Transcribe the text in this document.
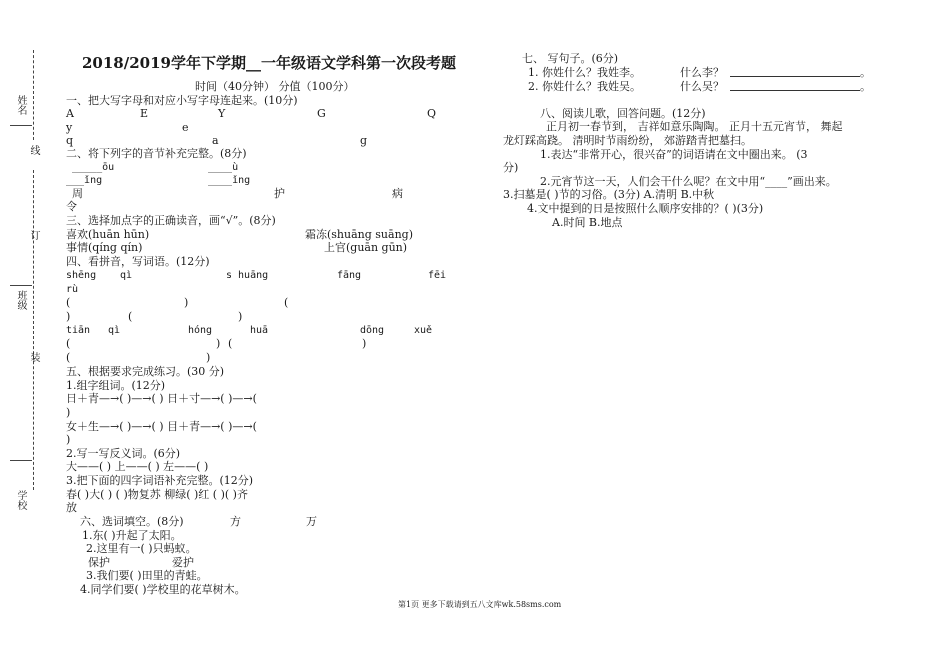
姓名
线
订
班级
装
学校
2018/2019学年下学期__一年级语文学科第一次段考题
时间（40分钟） 分值（100分）
一、把大写字母和对应小写字母连起来。(10分)
A	E	Y	G	Q
y	e
q	a	g
二、将下列字的音节补充完整。(8分)
_____ōu	____ù
___ǐng	____ǐng
周	护	病
令
三、选择加点字的正确读音，画“√”。(8分)
喜欢(huān hūn)	霜冻(shuāng suāng)
事情(qíng qín)	上官(guān gūn)
四、看拼音，写词语。(12分)
shēng qì	s huāng	fāng	fēi
rù
(	)	(
)	(	)
tiān qì	hóng	huā	dōng	xuě
(	) (	)
(	)
五、根据要求完成练习。(30 分)
1.组字组词。(12分)
日＋青—→( )—→( ) 日＋寸—→( )—→(
)
女＋生—→( )—→( ) 目＋青—→( )—→(
)
2.写一写反义词。(6分)
大——( ) 上——( ) 左——( )
3.把下面的四字词语补充完整。(12分)
春( )大( ) ( )物复苏 柳绿( )红 ( )( )齐
放
六、选词填空。(8分)	方	万
1.东( )升起了太阳。
2.这里有一( )只蚂蚁。
保护	爱护
3.我们要( )田里的青蛙。
4.同学们要( )学校里的花草树木。
七、 写句子。(6分)
1. 你姓什么？我姓李。	什么李？	。
2. 你姓什么？我姓吴。	什么吴？	。
八、阅读儿歌，回答问题。(12分)
正月初一春节到， 吉祥如意乐陶陶。 正月十五元宵节， 舞起
龙灯踩高跷。 清明时节雨纷纷， 郊游踏青把墓扫。
1.表达“非常开心，很兴奋”的词语请在文中圈出来。 (3
分)
2.元宵节这一天，人们会干什么呢？在文中用“____”画出来。
3.扫墓是( )节的习俗。(3分) A.清明 B.中秋
4.文中提到的日是按照什么顺序安排的？( )(3分)
A.时间 B.地点
第1页 更多下载请到五八文库wk.58sms.com
